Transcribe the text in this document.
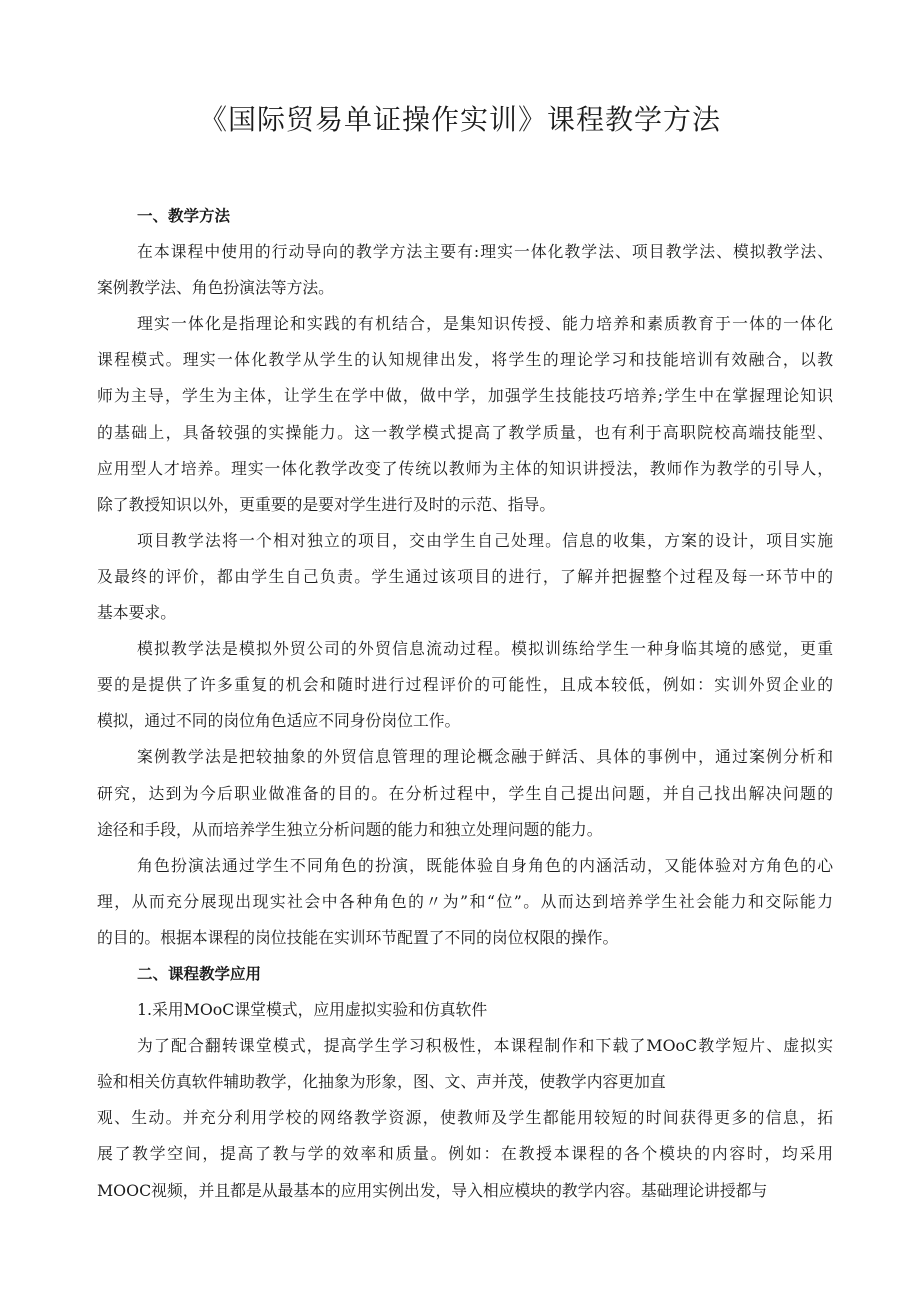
《国际贸易单证操作实训》课程教学方法
一、教学方法
在本课程中使用的行动导向的教学方法主要有:理实一体化教学法、项目教学法、模拟教学法、
案例教学法、角色扮演法等方法。
理实一体化是指理论和实践的有机结合，是集知识传授、能力培养和素质教育于一体的一体化
课程模式。理实一体化教学从学生的认知规律出发，将学生的理论学习和技能培训有效融合，以教
师为主导，学生为主体，让学生在学中做，做中学，加强学生技能技巧培养;学生中在掌握理论知识
的基础上，具备较强的实操能力。这一教学模式提高了教学质量，也有利于高职院校高端技能型、
应用型人才培养。理实一体化教学改变了传统以教师为主体的知识讲授法，教师作为教学的引导人，
除了教授知识以外，更重要的是要对学生进行及时的示范、指导。
项目教学法将一个相对独立的项目，交由学生自己处理。信息的收集，方案的设计，项目实施
及最终的评价，都由学生自己负责。学生通过该项目的进行，了解并把握整个过程及每一环节中的
基本要求。
模拟教学法是模拟外贸公司的外贸信息流动过程。模拟训练给学生一种身临其境的感觉，更重
要的是提供了许多重复的机会和随时进行过程评价的可能性，且成本较低，例如：实训外贸企业的
模拟，通过不同的岗位角色适应不同身份岗位工作。
案例教学法是把较抽象的外贸信息管理的理论概念融于鲜活、具体的事例中，通过案例分析和
研究，达到为今后职业做准备的目的。在分析过程中，学生自己提出问题，并自己找出解决问题的
途径和手段，从而培养学生独立分析问题的能力和独立处理问题的能力。
角色扮演法通过学生不同角色的扮演，既能体验自身角色的内涵活动，又能体验对方角色的心
理，从而充分展现出现实社会中各种角色的〃为”和“位”。从而达到培养学生社会能力和交际能力
的目的。根据本课程的岗位技能在实训环节配置了不同的岗位权限的操作。
二、课程教学应用
1.采用MOoC课堂模式，应用虚拟实验和仿真软件
为了配合翻转课堂模式，提高学生学习积极性，本课程制作和下载了MOoC教学短片、虚拟实
验和相关仿真软件辅助教学，化抽象为形象，图、文、声并茂，使教学内容更加直
观、生动。并充分利用学校的网络教学资源，使教师及学生都能用较短的时间获得更多的信息，拓
展了教学空间，提高了教与学的效率和质量。例如：在教授本课程的各个模块的内容时，均采用
MOOC视频，并且都是从最基本的应用实例出发，导入相应模块的教学内容。基础理论讲授都与
